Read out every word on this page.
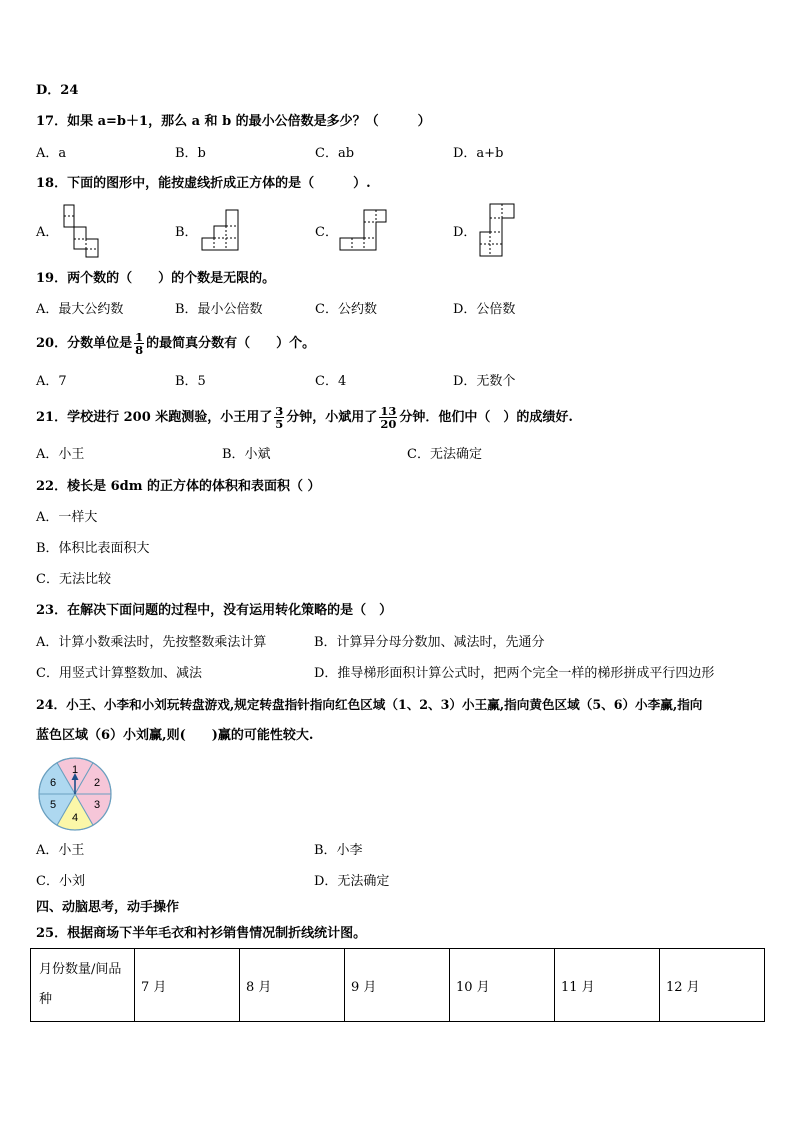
D．24
17．如果 a=b＋1，那么 a 和 b 的最小公倍数是多少？（　　　）
A．a	B．b	C．ab	D．a+b
18．下面的图形中，能按虚线折成正方体的是（　　　）.
A．	B．	C．	D．
19．两个数的（　　）的个数是无限的。
A．最大公约数	B．最小公倍数	C．公约数	D．公倍数
20．分数单位是 $\frac{1}{8}$ 的最简真分数有（　　）个。
A．7	B．5	C．4	D．无数个
21．学校进行 200 米跑测验，小王用了 $\frac{3}{5}$ 分钟，小斌用了 $\frac{13}{20}$ 分钟．他们中（　）的成绩好.
A．小王	B．小斌	C．无法确定
22．棱长是 6dm 的正方体的体积和表面积（ ）
A．一样大
B．体积比表面积大
C．无法比较
23．在解决下面问题的过程中，没有运用转化策略的是（　）
A．计算小数乘法时，先按整数乘法计算	B．计算异分母分数加、减法时，先通分
C．用竖式计算整数加、减法	D．推导梯形面积计算公式时，把两个完全一样的梯形拼成平行四边形
24．小王、小李和小刘玩转盘游戏,规定转盘指针指向红色区域（1、2、3）小王赢,指向黄色区域（5、6）小李赢,指向
蓝色区域（6）小刘赢,则(　　)赢的可能性较大.
1
2
3
4
5
6
A．小王	B．小李
C．小刘	D．无法确定
四、动脑思考，动手操作
25．根据商场下半年毛衣和衬衫销售情况制折线统计图。
月份数量/间品种	7 月	8 月	9 月	10 月	11 月	12 月
